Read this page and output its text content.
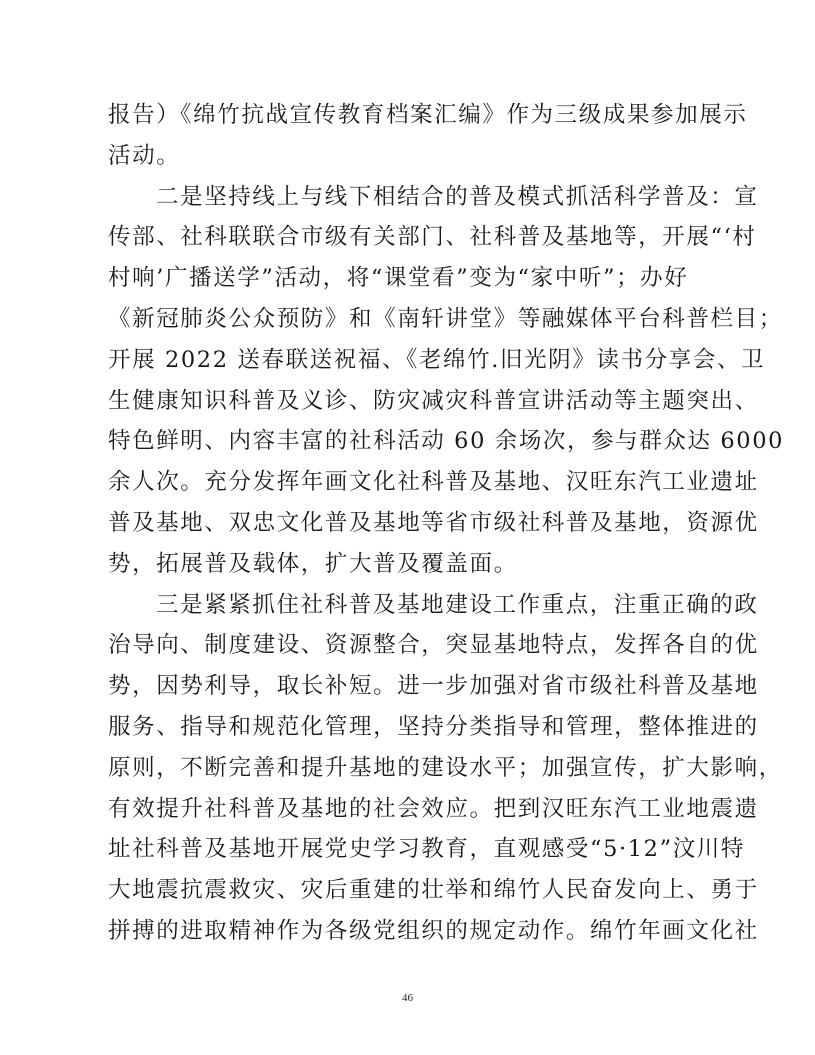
报告）《绵竹抗战宣传教育档案汇编》作为三级成果参加展示
活动。
二是坚持线上与线下相结合的普及模式抓活科学普及：宣
传部、社科联联合市级有关部门、社科普及基地等，开展“‘村
村响’广播送学”活动，将“课堂看”变为“家中听”；办好
《新冠肺炎公众预防》和《南轩讲堂》等融媒体平台科普栏目；
开展 2022 送春联送祝福、《老绵竹.旧光阴》读书分享会、卫
生健康知识科普及义诊、防灾减灾科普宣讲活动等主题突出、
特色鲜明、内容丰富的社科活动 60 余场次，参与群众达 6000
余人次。充分发挥年画文化社科普及基地、汉旺东汽工业遗址
普及基地、双忠文化普及基地等省市级社科普及基地，资源优
势，拓展普及载体，扩大普及覆盖面。
三是紧紧抓住社科普及基地建设工作重点，注重正确的政
治导向、制度建设、资源整合，突显基地特点，发挥各自的优
势，因势利导，取长补短。进一步加强对省市级社科普及基地
服务、指导和规范化管理，坚持分类指导和管理，整体推进的
原则，不断完善和提升基地的建设水平；加强宣传，扩大影响，
有效提升社科普及基地的社会效应。把到汉旺东汽工业地震遗
址社科普及基地开展党史学习教育，直观感受“5·12”汶川特
大地震抗震救灾、灾后重建的壮举和绵竹人民奋发向上、勇于
拼搏的进取精神作为各级党组织的规定动作。绵竹年画文化社
46
